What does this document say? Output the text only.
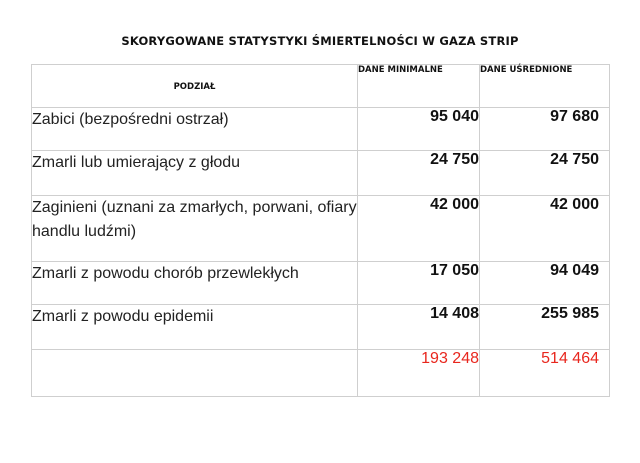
SKORYGOWANE STATYSTYKI ŚMIERTELNOŚCI W GAZA STRIP
PODZIAŁ	DANE MINIMALNE	DANE UŚREDNIONE
Zabici (bezpośredni ostrzał)	95 040	97 680
Zmarli lub umierający z głodu	24 750	24 750
Zaginieni (uznani za zmarłych, porwani, ofiary handlu ludźmi)	42 000	42 000
Zmarli z powodu chorób przewlekłych	17 050	94 049
Zmarli z powodu epidemii	14 408	255 985
	193 248	514 464
